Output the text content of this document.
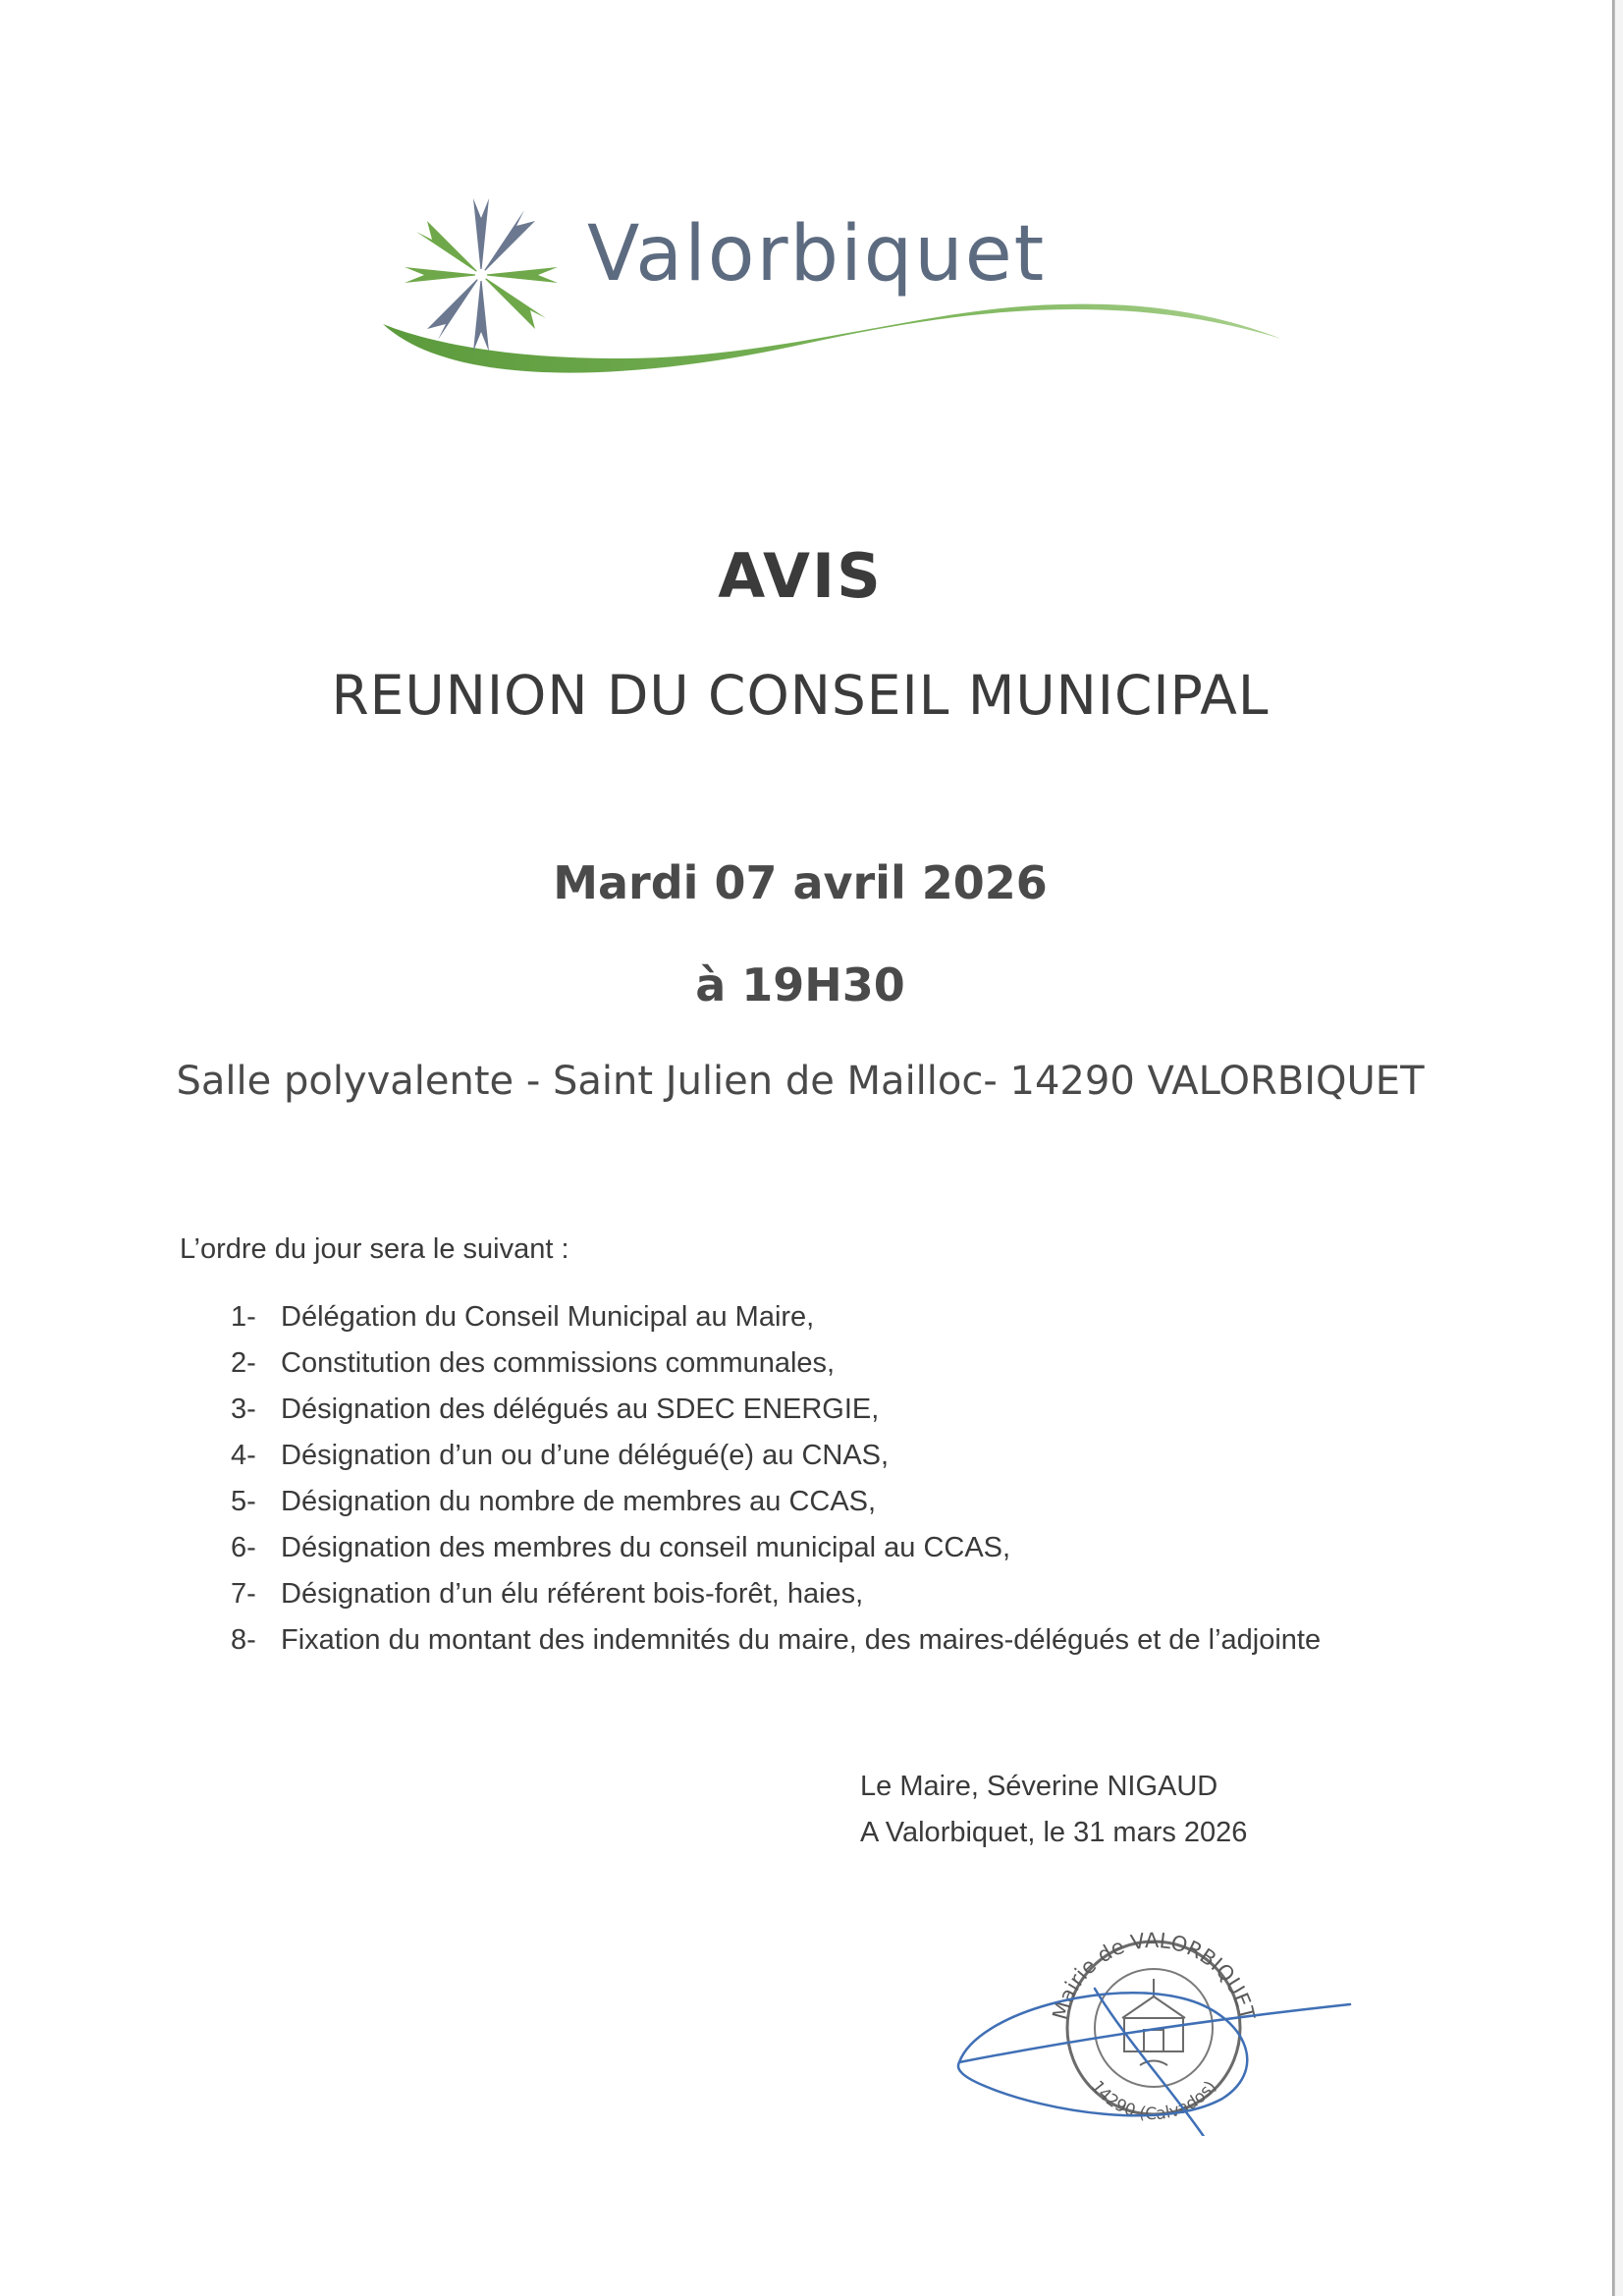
Valorbiquet
AVIS
REUNION DU CONSEIL MUNICIPAL
Mardi 07 avril 2026
à 19H30
Salle polyvalente - Saint Julien de Mailloc- 14290 VALORBIQUET
L’ordre du jour sera le suivant :
1- Délégation du Conseil Municipal au Maire,
2- Constitution des commissions communales,
3- Désignation des délégués au SDEC ENERGIE,
4- Désignation d’un ou d’une délégué(e) au CNAS,
5- Désignation du nombre de membres au CCAS,
6- Désignation des membres du conseil municipal au CCAS,
7- Désignation d’un élu référent bois-forêt, haies,
8- Fixation du montant des indemnités du maire, des maires-délégués et de l’adjointe
Le Maire, Séverine NIGAUD
A Valorbiquet, le 31 mars 2026
Mairie de VALORBIQUET
14290 (Calvados)
